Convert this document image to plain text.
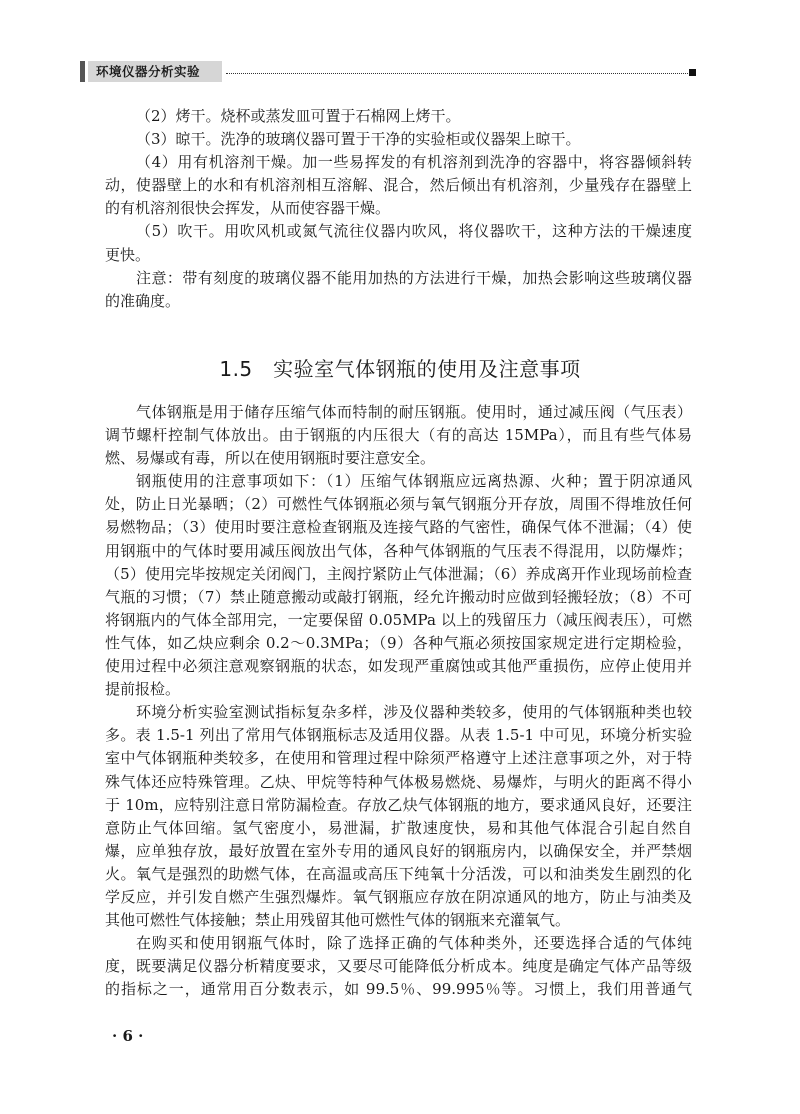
环境仪器分析实验
（2）烤干。烧杯或蒸发皿可置于石棉网上烤干。
（3）晾干。洗净的玻璃仪器可置于干净的实验柜或仪器架上晾干。
（4）用有机溶剂干燥。加一些易挥发的有机溶剂到洗净的容器中，将容器倾斜转
动，使器壁上的水和有机溶剂相互溶解、混合，然后倾出有机溶剂，少量残存在器壁上
的有机溶剂很快会挥发，从而使容器干燥。
（5）吹干。用吹风机或氮气流往仪器内吹风，将仪器吹干，这种方法的干燥速度
更快。
注意：带有刻度的玻璃仪器不能用加热的方法进行干燥，加热会影响这些玻璃仪器
的准确度。
1.5　实验室气体钢瓶的使用及注意事项
气体钢瓶是用于储存压缩气体而特制的耐压钢瓶。使用时，通过减压阀（气压表）
调节螺杆控制气体放出。由于钢瓶的内压很大（有的高达 15MPa），而且有些气体易
燃、易爆或有毒，所以在使用钢瓶时要注意安全。
钢瓶使用的注意事项如下：（1）压缩气体钢瓶应远离热源、火种；置于阴凉通风
处，防止日光暴晒；（2）可燃性气体钢瓶必须与氧气钢瓶分开存放，周围不得堆放任何
易燃物品；（3）使用时要注意检查钢瓶及连接气路的气密性，确保气体不泄漏；（4）使
用钢瓶中的气体时要用减压阀放出气体，各种气体钢瓶的气压表不得混用，以防爆炸；
（5）使用完毕按规定关闭阀门，主阀拧紧防止气体泄漏；（6）养成离开作业现场前检查
气瓶的习惯；（7）禁止随意搬动或敲打钢瓶，经允许搬动时应做到轻搬轻放；（8）不可
将钢瓶内的气体全部用完，一定要保留 0.05MPa 以上的残留压力（减压阀表压），可燃
性气体，如乙炔应剩余 0.2～0.3MPa；（9）各种气瓶必须按国家规定进行定期检验，
使用过程中必须注意观察钢瓶的状态，如发现严重腐蚀或其他严重损伤，应停止使用并
提前报检。
环境分析实验室测试指标复杂多样，涉及仪器种类较多，使用的气体钢瓶种类也较
多。表 1.5-1 列出了常用气体钢瓶标志及适用仪器。从表 1.5-1 中可见，环境分析实验
室中气体钢瓶种类较多，在使用和管理过程中除须严格遵守上述注意事项之外，对于特
殊气体还应特殊管理。乙炔、甲烷等特种气体极易燃烧、易爆炸，与明火的距离不得小
于 10m，应特别注意日常防漏检查。存放乙炔气体钢瓶的地方，要求通风良好，还要注
意防止气体回缩。氢气密度小，易泄漏，扩散速度快，易和其他气体混合引起自然自
爆，应单独存放，最好放置在室外专用的通风良好的钢瓶房内，以确保安全，并严禁烟
火。氧气是强烈的助燃气体，在高温或高压下纯氧十分活泼，可以和油类发生剧烈的化
学反应，并引发自燃产生强烈爆炸。氧气钢瓶应存放在阴凉通风的地方，防止与油类及
其他可燃性气体接触；禁止用残留其他可燃性气体的钢瓶来充灌氧气。
在购买和使用钢瓶气体时，除了选择正确的气体种类外，还要选择合适的气体纯
度，既要满足仪器分析精度要求，又要尽可能降低分析成本。纯度是确定气体产品等级
的指标之一，通常用百分数表示，如 99.5％、99.995％等。习惯上，我们用普通气
· 6 ·
